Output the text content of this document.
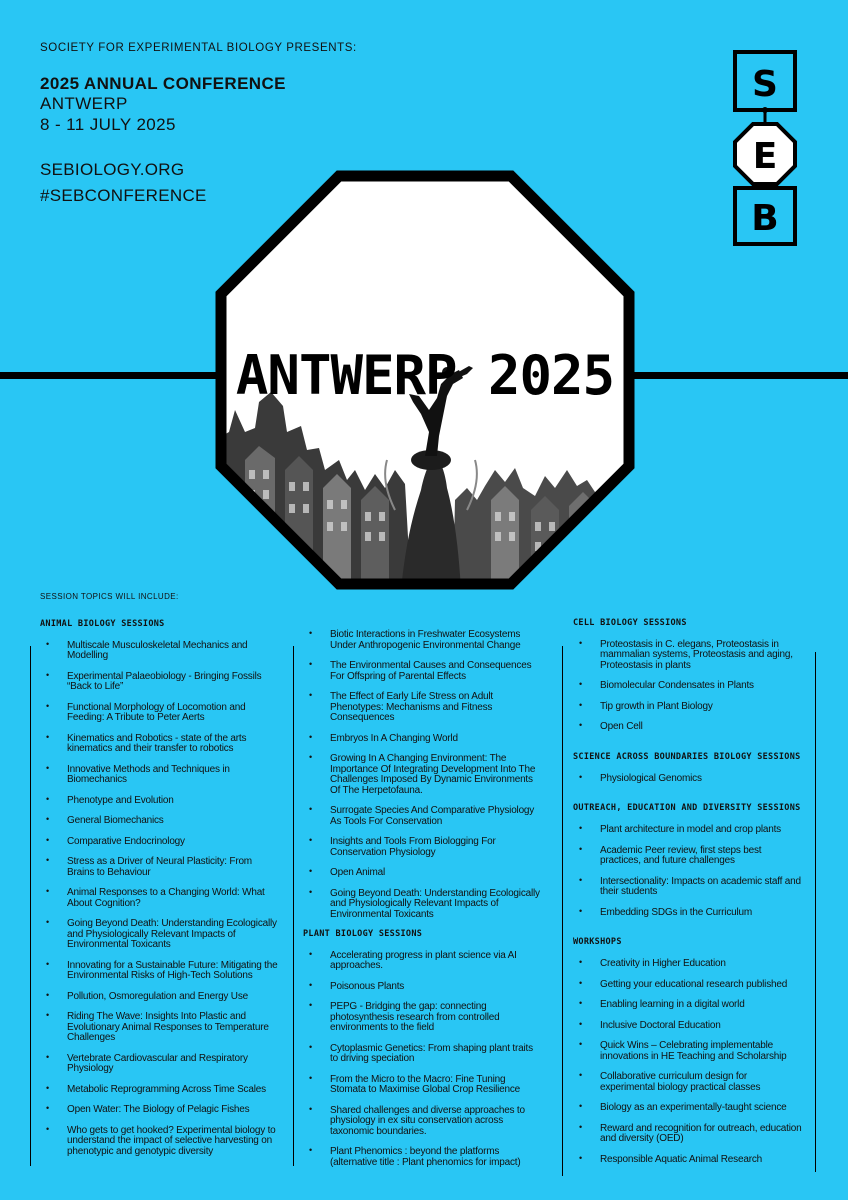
SOCIETY FOR EXPERIMENTAL BIOLOGY PRESENTS:
2025 ANNUAL CONFERENCE
ANTWERP
8 - 11 JULY 2025
SEBIOLOGY.ORG
#SEBCONFERENCE
S
E
B
ANTWERP 2025
SESSION TOPICS WILL INCLUDE:
ANIMAL BIOLOGY SESSIONS
• Multiscale Musculoskeletal Mechanics and Modelling
• Experimental Palaeobiology - Bringing Fossils “Back to Life”
• Functional Morphology of Locomotion and Feeding: A Tribute to Peter Aerts
• Kinematics and Robotics - state of the arts kinematics and their transfer to robotics
• Innovative Methods and Techniques in Biomechanics
• Phenotype and Evolution
• General Biomechanics
• Comparative Endocrinology
• Stress as a Driver of Neural Plasticity: From Brains to Behaviour
• Animal Responses to a Changing World: What About Cognition?
• Going Beyond Death: Understanding Ecologically and Physiologically Relevant Impacts of Environmental Toxicants
• Innovating for a Sustainable Future: Mitigating the Environmental Risks of High-Tech Solutions
• Pollution, Osmoregulation and Energy Use
• Riding The Wave: Insights Into Plastic and Evolutionary Animal Responses to Temperature Challenges
• Vertebrate Cardiovascular and Respiratory Physiology
• Metabolic Reprogramming Across Time Scales
• Open Water: The Biology of Pelagic Fishes
• Who gets to get hooked? Experimental biology to understand the impact of selective harvesting on phenotypic and genotypic diversity
• Biotic Interactions in Freshwater Ecosystems Under Anthropogenic Environmental Change
• The Environmental Causes and Consequences For Offspring of Parental Effects
• The Effect of Early Life Stress on Adult Phenotypes: Mechanisms and Fitness Consequences
• Embryos In A Changing World
• Growing In A Changing Environment: The Importance Of Integrating Development Into The Challenges Imposed By Dynamic Environments Of The Herpetofauna.
• Surrogate Species And Comparative Physiology As Tools For Conservation
• Insights and Tools From Biologging For Conservation Physiology
• Open Animal
• Going Beyond Death: Understanding Ecologically and Physiologically Relevant Impacts of Environmental Toxicants
PLANT BIOLOGY SESSIONS
• Accelerating progress in plant science via AI approaches.
• Poisonous Plants
• PEPG - Bridging the gap: connecting photosynthesis research from controlled environments to the field
• Cytoplasmic Genetics: From shaping plant traits to driving speciation
• From the Micro to the Macro: Fine Tuning Stomata to Maximise Global Crop Resilience
• Shared challenges and diverse approaches to physiology in ex situ conservation across taxonomic boundaries.
• Plant Phenomics : beyond the platforms (alternative title : Plant phenomics for impact)
CELL BIOLOGY SESSIONS
• Proteostasis in C. elegans, Proteostasis in mammalian systems, Proteostasis and aging, Proteostasis in plants
• Biomolecular Condensates in Plants
• Tip growth in Plant Biology
• Open Cell
SCIENCE ACROSS BOUNDARIES BIOLOGY SESSIONS
• Physiological Genomics
OUTREACH, EDUCATION AND DIVERSITY SESSIONS
• Plant architecture in model and crop plants
• Academic Peer review, first steps best practices, and future challenges
• Intersectionality: Impacts on academic staff and their students
• Embedding SDGs in the Curriculum
WORKSHOPS
• Creativity in Higher Education
• Getting your educational research published
• Enabling learning in a digital world
• Inclusive Doctoral Education
• Quick Wins – Celebrating implementable innovations in HE Teaching and Scholarship
• Collaborative curriculum design for experimental biology practical classes
• Biology as an experimentally-taught science
• Reward and recognition for outreach, education and diversity (OED)
• Responsible Aquatic Animal Research
